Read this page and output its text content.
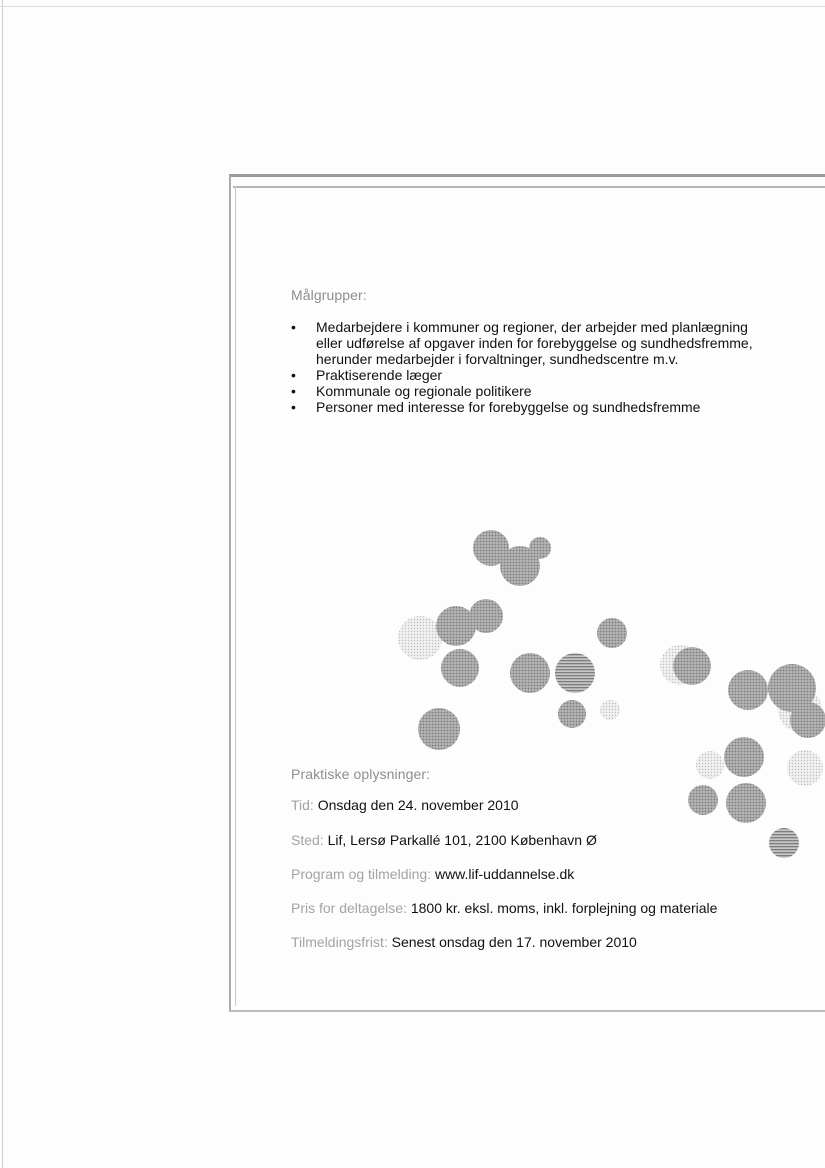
Målgrupper:
• Medarbejdere i kommuner og regioner, der arbejder med planlægning eller udførelse af opgaver inden for forebyggelse og sundhedsfremme, herunder medarbejder i forvaltninger, sundhedscentre m.v.
• Praktiserende læger
• Kommunale og regionale politikere
• Personer med interesse for forebyggelse og sundhedsfremme
Praktiske oplysninger:
Tid: Onsdag den 24. november 2010
Sted: Lif, Lersø Parkallé 101, 2100 København Ø
Program og tilmelding: www.lif-uddannelse.dk
Pris for deltagelse: 1800 kr. eksl. moms, inkl. forplejning og materiale
Tilmeldingsfrist: Senest onsdag den 17. november 2010
